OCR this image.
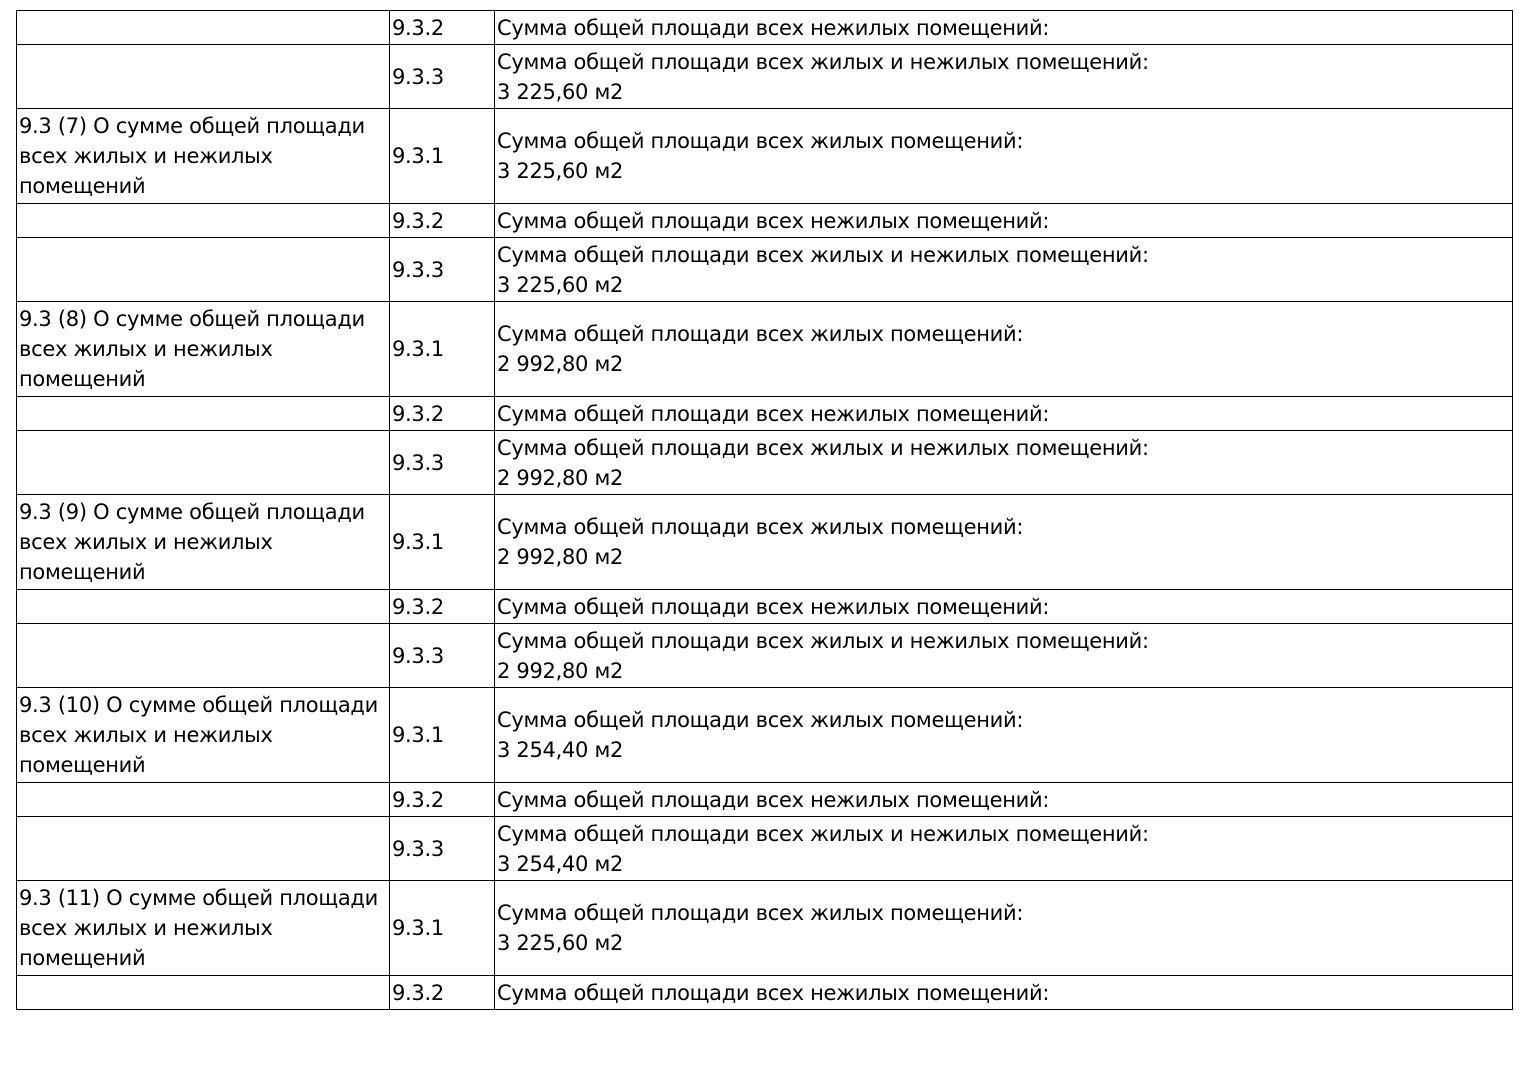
	9.3.2	Сумма общей площади всех нежилых помещений:

	9.3.3	Сумма общей площади всех жилых и нежилых помещений:
3 225,60 м2

9.3 (7) О сумме общей площади всех жилых и нежилых помещений	9.3.1	Сумма общей площади всех жилых помещений:
3 225,60 м2

	9.3.2	Сумма общей площади всех нежилых помещений:

	9.3.3	Сумма общей площади всех жилых и нежилых помещений:
3 225,60 м2

9.3 (8) О сумме общей площади всех жилых и нежилых помещений	9.3.1	Сумма общей площади всех жилых помещений:
2 992,80 м2

	9.3.2	Сумма общей площади всех нежилых помещений:

	9.3.3	Сумма общей площади всех жилых и нежилых помещений:
2 992,80 м2

9.3 (9) О сумме общей площади всех жилых и нежилых помещений	9.3.1	Сумма общей площади всех жилых помещений:
2 992,80 м2

	9.3.2	Сумма общей площади всех нежилых помещений:

	9.3.3	Сумма общей площади всех жилых и нежилых помещений:
2 992,80 м2

9.3 (10) О сумме общей площади всех жилых и нежилых помещений	9.3.1	Сумма общей площади всех жилых помещений:
3 254,40 м2

	9.3.2	Сумма общей площади всех нежилых помещений:

	9.3.3	Сумма общей площади всех жилых и нежилых помещений:
3 254,40 м2

9.3 (11) О сумме общей площади всех жилых и нежилых помещений	9.3.1	Сумма общей площади всех жилых помещений:
3 225,60 м2

	9.3.2	Сумма общей площади всех нежилых помещений:
